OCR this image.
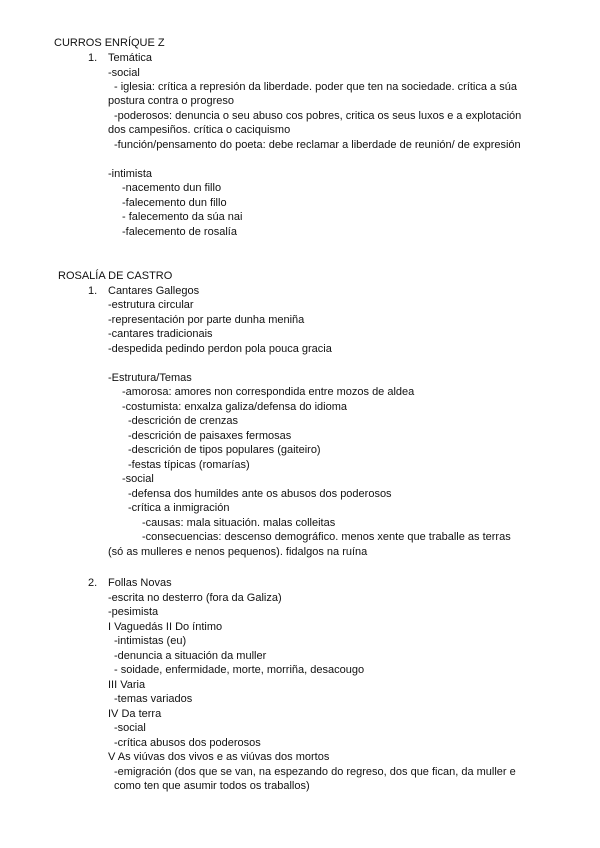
CURROS ENRÍQUE Z
1. Temática
-social
- iglesia: crítica a represión da liberdade. poder que ten na sociedade. crítica a súa
postura contra o progreso
-poderosos: denuncia o seu abuso cos pobres, critica os seus luxos e a explotación
dos campesiños. crítica o caciquismo
-función/pensamento do poeta: debe reclamar a liberdade de reunión/ de expresión
-intimista
-nacemento dun fillo
-falecemento dun fillo
- falecemento da súa nai
-falecemento de rosalía
ROSALÍA DE CASTRO
1. Cantares Gallegos
-estrutura circular
-representación por parte dunha meniña
-cantares tradicionais
-despedida pedindo perdon pola pouca gracia
-Estrutura/Temas
-amorosa: amores non correspondida entre mozos de aldea
-costumista: enxalza galiza/defensa do idioma
-descrición de crenzas
-descrición de paisaxes fermosas
-descrición de tipos populares (gaiteiro)
-festas típicas (romarías)
-social
-defensa dos humildes ante os abusos dos poderosos
-crítica a inmigración
-causas: mala situación. malas colleitas
-consecuencias: descenso demográfico. menos xente que traballe as terras
(só as mulleres e nenos pequenos). fidalgos na ruína
2. Follas Novas
-escrita no desterro (fora da Galiza)
-pesimista
I Vaguedás II Do íntimo
-intimistas (eu)
-denuncia a situación da muller
- soidade, enfermidade, morte, morriña, desacougo
III Varia
-temas variados
IV Da terra
-social
-crítica abusos dos poderosos
V As viúvas dos vivos e as viúvas dos mortos
-emigración (dos que se van, na espezando do regreso, dos que fican, da muller e
como ten que asumir todos os traballos)
